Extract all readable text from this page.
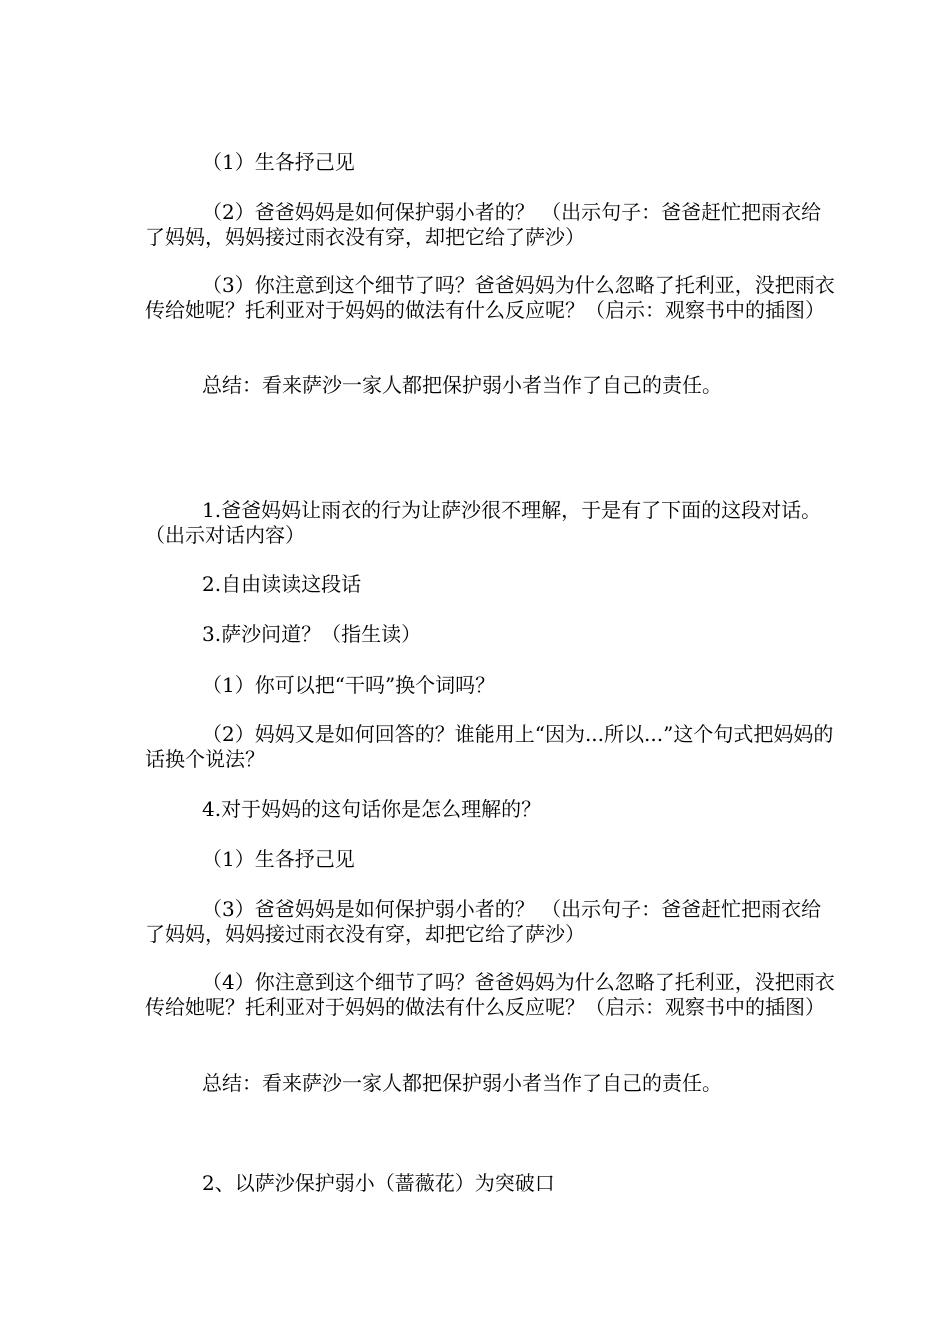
（1）生各抒己见

（2）爸爸妈妈是如何保护弱小者的？ （出示句子：爸爸赶忙把雨衣给了妈妈，妈妈接过雨衣没有穿，却把它给了萨沙）

（3）你注意到这个细节了吗？爸爸妈妈为什么忽略了托利亚，没把雨衣传给她呢？托利亚对于妈妈的做法有什么反应呢？（启示：观察书中的插图）

总结：看来萨沙一家人都把保护弱小者当作了自己的责任。

1.爸爸妈妈让雨衣的行为让萨沙很不理解，于是有了下面的这段对话。（出示对话内容）

2.自由读读这段话

3.萨沙问道？（指生读）

（1）你可以把“干吗”换个词吗？

（2）妈妈又是如何回答的？谁能用上“因为...所以...”这个句式把妈妈的话换个说法？

4.对于妈妈的这句话你是怎么理解的？

（1）生各抒己见

（3）爸爸妈妈是如何保护弱小者的？ （出示句子：爸爸赶忙把雨衣给了妈妈，妈妈接过雨衣没有穿，却把它给了萨沙）

（4）你注意到这个细节了吗？爸爸妈妈为什么忽略了托利亚，没把雨衣传给她呢？托利亚对于妈妈的做法有什么反应呢？（启示：观察书中的插图）

总结：看来萨沙一家人都把保护弱小者当作了自己的责任。

2、以萨沙保护弱小（蔷薇花）为突破口
